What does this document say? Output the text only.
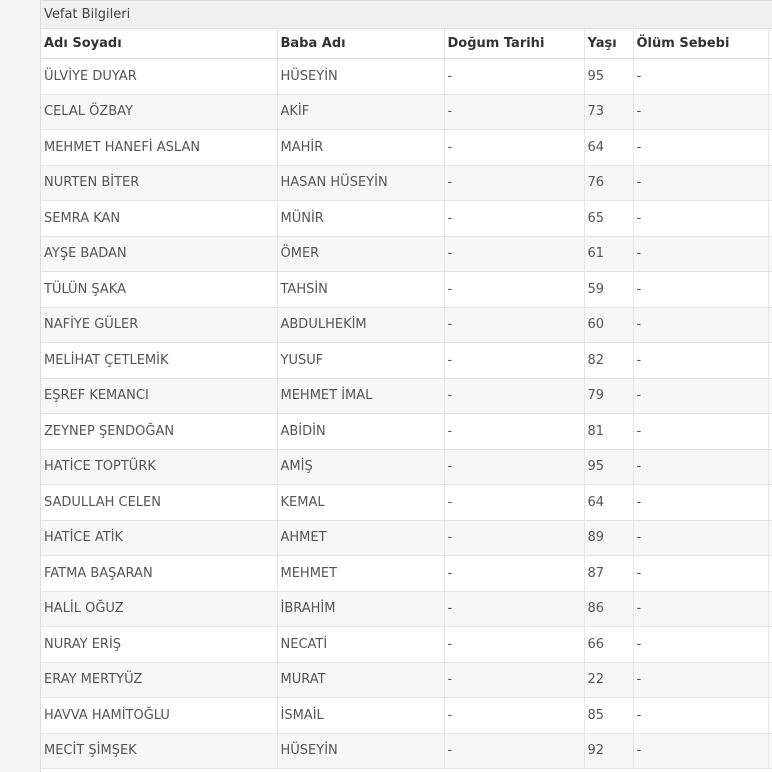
Vefat Bilgileri
Adı Soyadı	Baba Adı	Doğum Tarihi	Yaşı	Ölüm Sebebi	
ÜLVİYE DUYAR	HÜSEYİN	-	95	-	

CELAL ÖZBAY	AKİF	-	73	-	

MEHMET HANEFİ ASLAN	MAHİR	-	64	-	

NURTEN BİTER	HASAN HÜSEYİN	-	76	-	

SEMRA KAN	MÜNİR	-	65	-	

AYŞE BADAN	ÖMER	-	61	-	

TÜLÜN ŞAKA	TAHSİN	-	59	-	

NAFİYE GÜLER	ABDULHEKİM	-	60	-	

MELİHAT ÇETLEMİK	YUSUF	-	82	-	

EŞREF KEMANCI	MEHMET İMAL	-	79	-	

ZEYNEP ŞENDOĞAN	ABİDİN	-	81	-	

HATİCE TOPTÜRK	AMİŞ	-	95	-	

SADULLAH CELEN	KEMAL	-	64	-	

HATİCE ATİK	AHMET	-	89	-	

FATMA BAŞARAN	MEHMET	-	87	-	

HALİL OĞUZ	İBRAHİM	-	86	-	

NURAY ERİŞ	NECATİ	-	66	-	

ERAY MERTYÜZ	MURAT	-	22	-	

HAVVA HAMİTOĞLU	İSMAİL	-	85	-	

MECİT ŞİMŞEK	HÜSEYİN	-	92	-	
